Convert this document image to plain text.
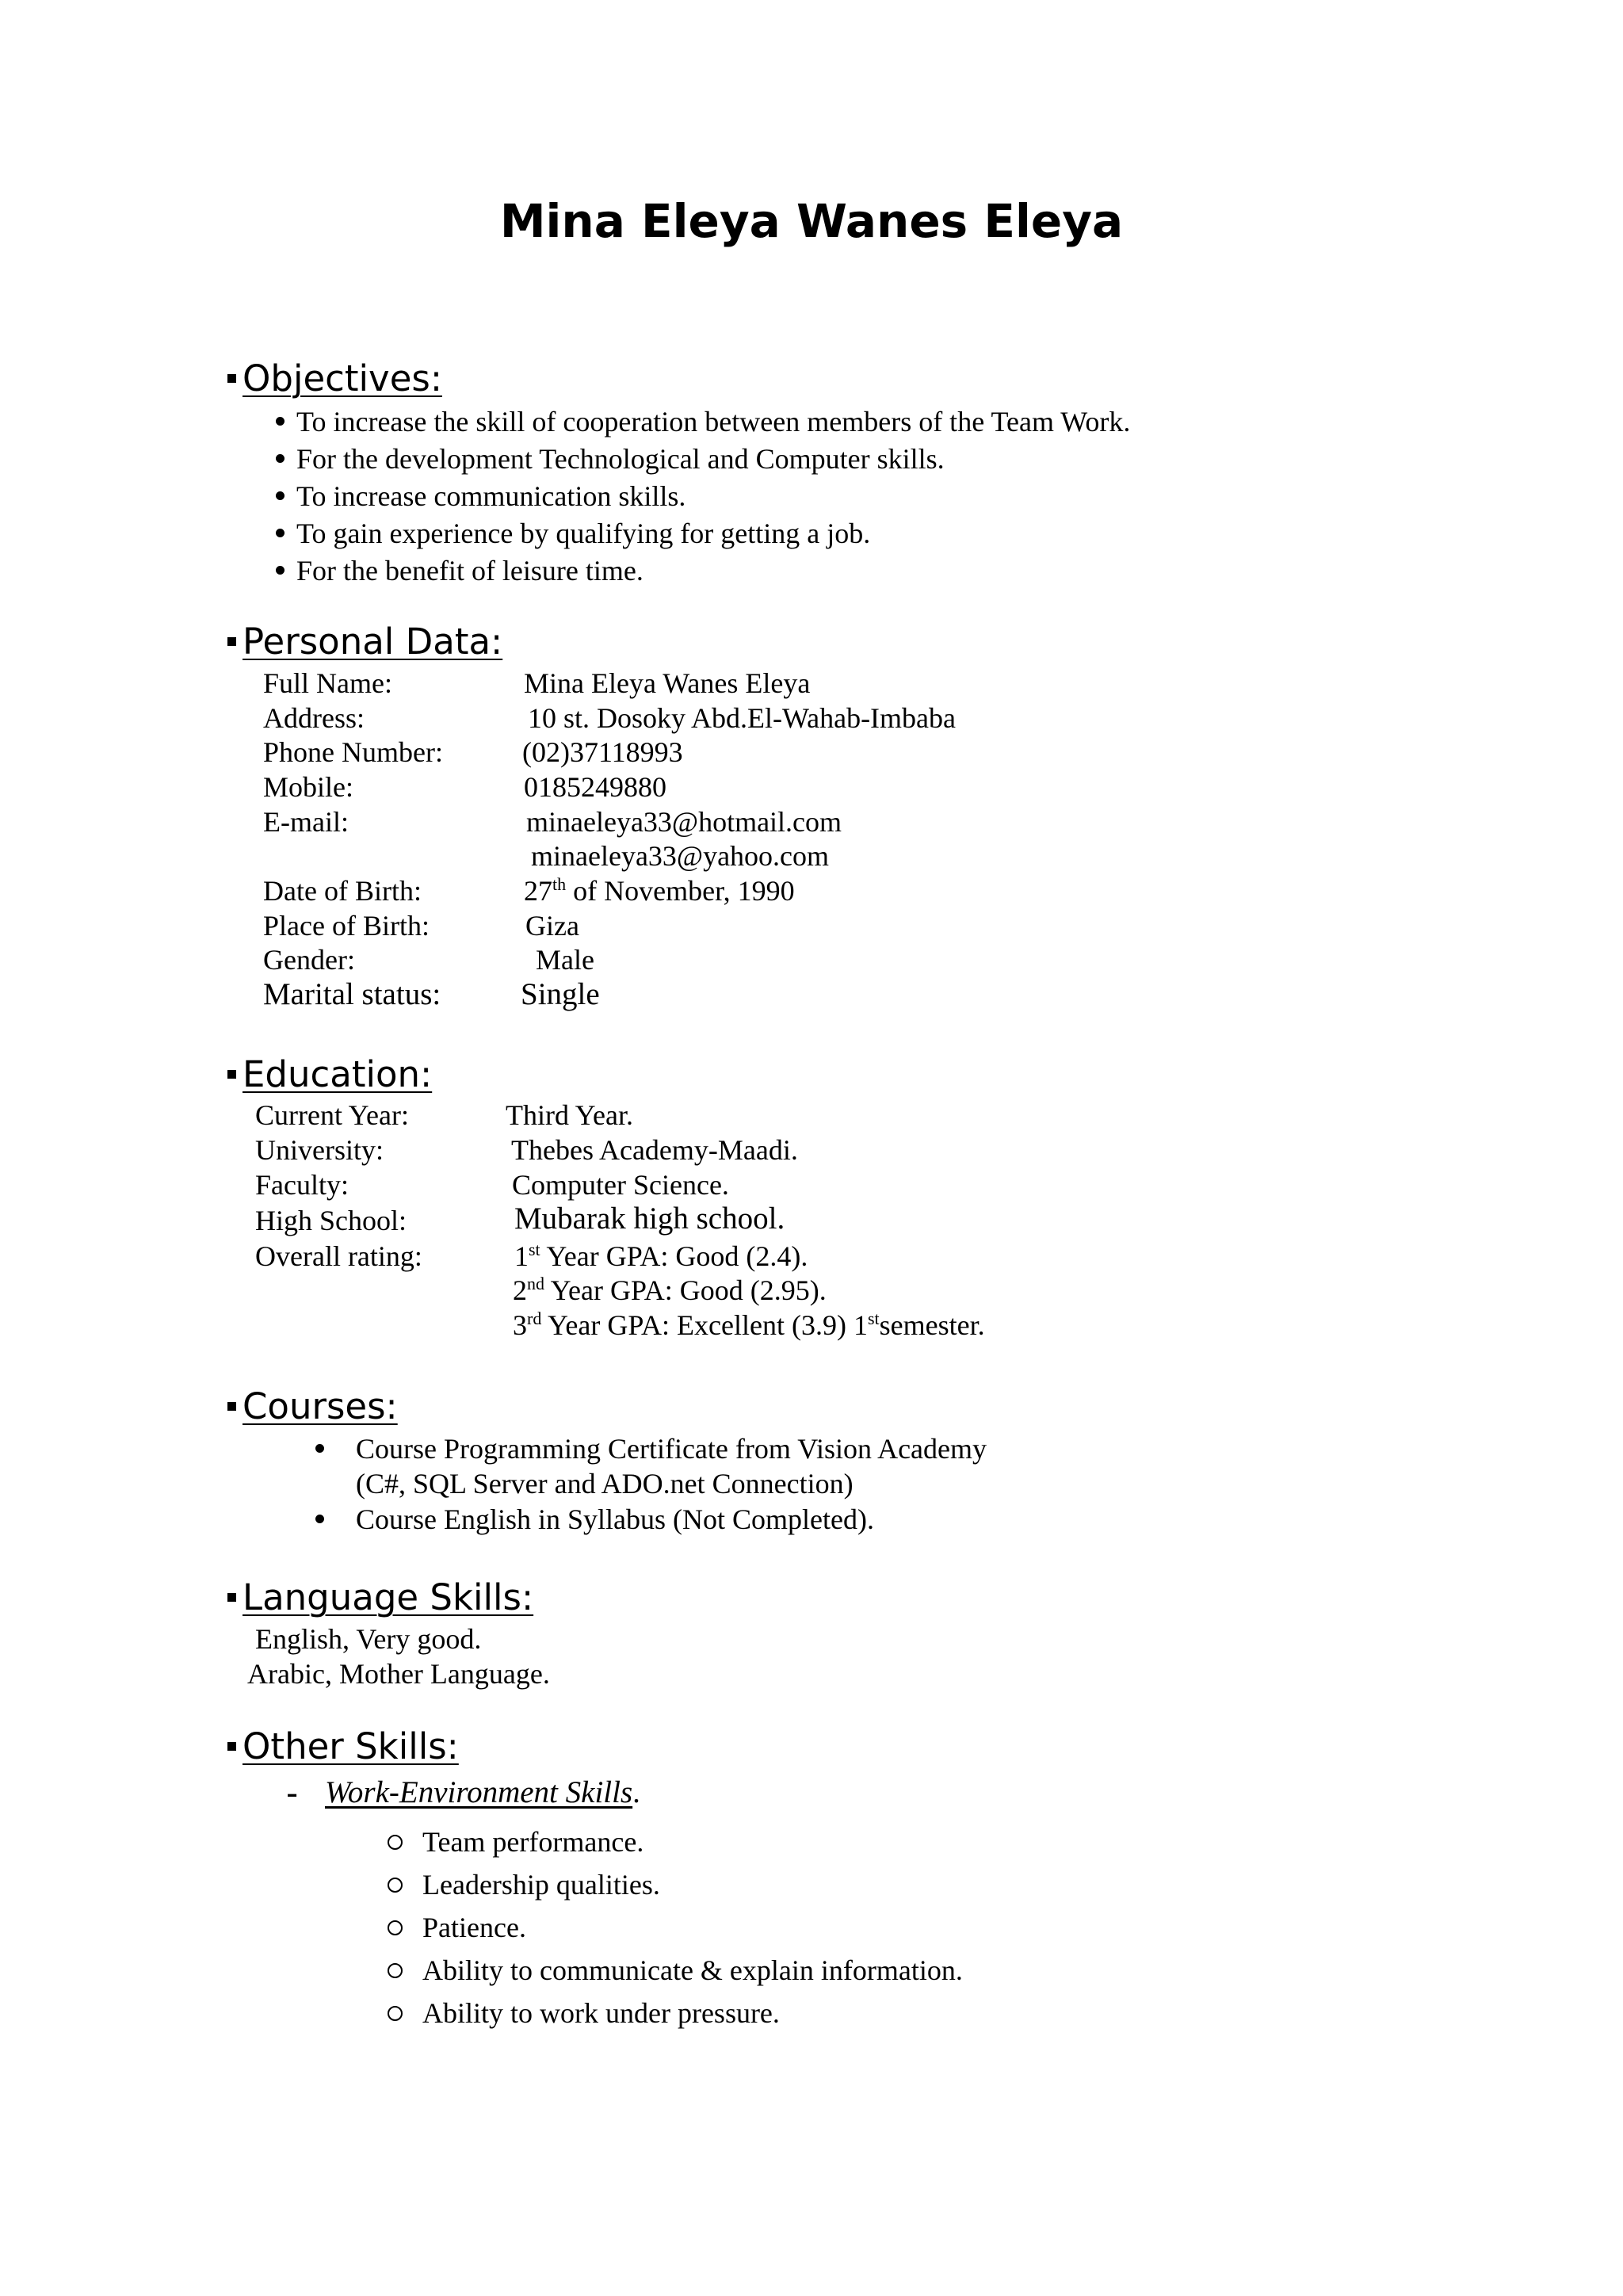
Mina Eleya Wanes Eleya
Objectives:
To increase the skill of cooperation between members of the Team Work.
For the development Technological and Computer skills.
To increase communication skills.
To gain experience by qualifying for getting a job.
For the benefit of leisure time.
Personal Data:
Full Name:	Mina Eleya Wanes Eleya
Address:	10 st. Dosoky Abd.El-Wahab-Imbaba
Phone Number:	(02)37118993
Mobile:	0185249880
E-mail:	minaeleya33@hotmail.com
minaeleya33@yahoo.com
Date of Birth:	27th of November, 1990
Place of Birth:	Giza
Gender:	Male
Marital status:	Single
Education:
Current Year:	Third Year.
University:	Thebes Academy-Maadi.
Faculty:	Computer Science.
High School:	Mubarak high school.
Overall rating:	1st Year GPA: Good (2.4).
2nd Year GPA: Good (2.95).
3rd Year GPA: Excellent (3.9) 1stsemester.
Courses:
Course Programming Certificate from Vision Academy
(C#, SQL Server and ADO.net Connection)
Course English in Syllabus (Not Completed).
Language Skills:
English, Very good.
Arabic, Mother Language.
Other Skills:
- Work-Environment Skills.
Team performance.
Leadership qualities.
Patience.
Ability to communicate & explain information.
Ability to work under pressure.
